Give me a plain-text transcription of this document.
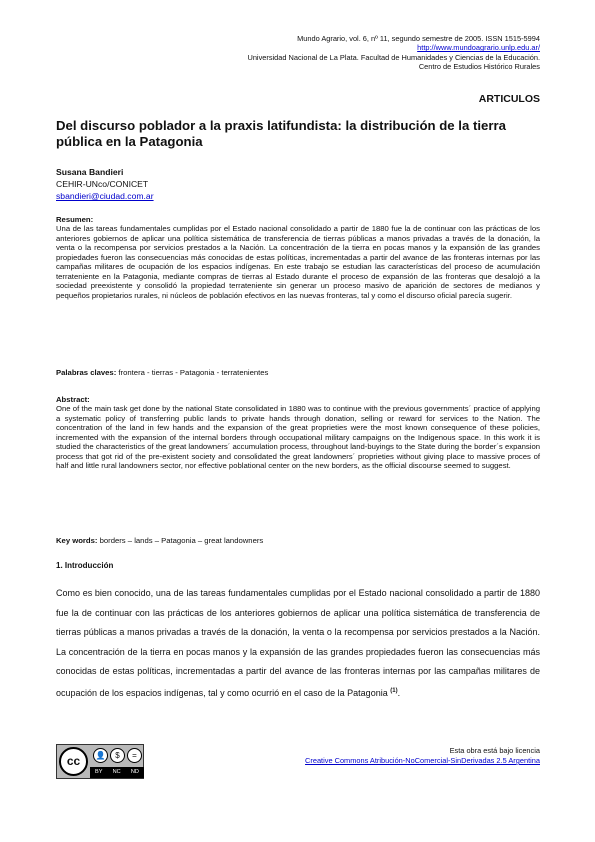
Mundo Agrario, vol. 6, nº 11, segundo semestre de 2005. ISSN 1515-5994
http://www.mundoagrario.unlp.edu.ar/
Universidad Nacional de La Plata. Facultad de Humanidades y Ciencias de la Educación.
Centro de Estudios Histórico Rurales
ARTICULOS
Del discurso poblador a la praxis latifundista: la distribución de la tierra pública en la Patagonia
Susana Bandieri
CEHIR-UNco/CONICET
sbandieri@ciudad.com.ar
Resumen:
Una de las tareas fundamentales cumplidas por el Estado nacional consolidado a partir de 1880 fue la de continuar con las prácticas de los anteriores gobiernos de aplicar una política sistemática de transferencia de tierras públicas a manos privadas a través de la donación, la venta o la recompensa por servicios prestados a la Nación. La concentración de la tierra en pocas manos y la expansión de las grandes propiedades fueron las consecuencias más conocidas de estas políticas, incrementadas a partir del avance de las fronteras internas por las campañas militares de ocupación de los espacios indígenas. En este trabajo se estudian las características del proceso de acumulación terrateniente en la Patagonia, mediante compras de tierras al Estado durante el proceso de expansión de las fronteras que desalojó a la sociedad preexistente y consolidó la propiedad terrateniente sin generar un proceso masivo de aparición de sectores de medianos y pequeños propietarios rurales, ni núcleos de población efectivos en las nuevas fronteras, tal y como el discurso oficial parecía sugerir.
Palabras claves: frontera - tierras - Patagonia - terratenientes
Abstract:
One of the main task get done by the national State consolidated in 1880 was to continue with the previous governments´ practice of applying a systematic policy of transferring public lands to private hands through donation, selling or reward for services to the Nation. The concentration of the land in few hands and the expansion of the great proprieties were the most known consequence of these policies, incremented with the expansion of the internal borders through occupational military campaigns on the Indigenous space. In this work it is studied the characteristics of the great landowners´ accumulation process, throughout land-buyings to the State during the border´s expansion process that got rid of the pre-existent society and consolidated the great landowners´ proprieties without giving place to massive proces of half and little rural landowners sector, nor effective poblational center on the new borders, as the official discourse seemed to suggest.
Key words: borders – lands – Patagonia – great landowners
1. Introducción
Como es bien conocido, una de las tareas fundamentales cumplidas por el Estado nacional consolidado a partir de 1880 fue la de continuar con las prácticas de los anteriores gobiernos de aplicar una política sistemática de transferencia de tierras públicas a manos privadas a través de la donación, la venta o la recompensa por servicios prestados a la Nación. La concentración de la tierra en pocas manos y la expansión de las grandes propiedades fueron las consecuencias más conocidas de estas políticas, incrementadas a partir del avance de las fronteras internas por las campañas militares de ocupación de los espacios indígenas, tal y como ocurrió en el caso de la Patagonia $^{(1)}$.
cc	👤	$	=
BY NC ND
Esta obra está bajo licencia
Creative Commons Atribución-NoComercial-SinDerivadas 2.5 Argentina
